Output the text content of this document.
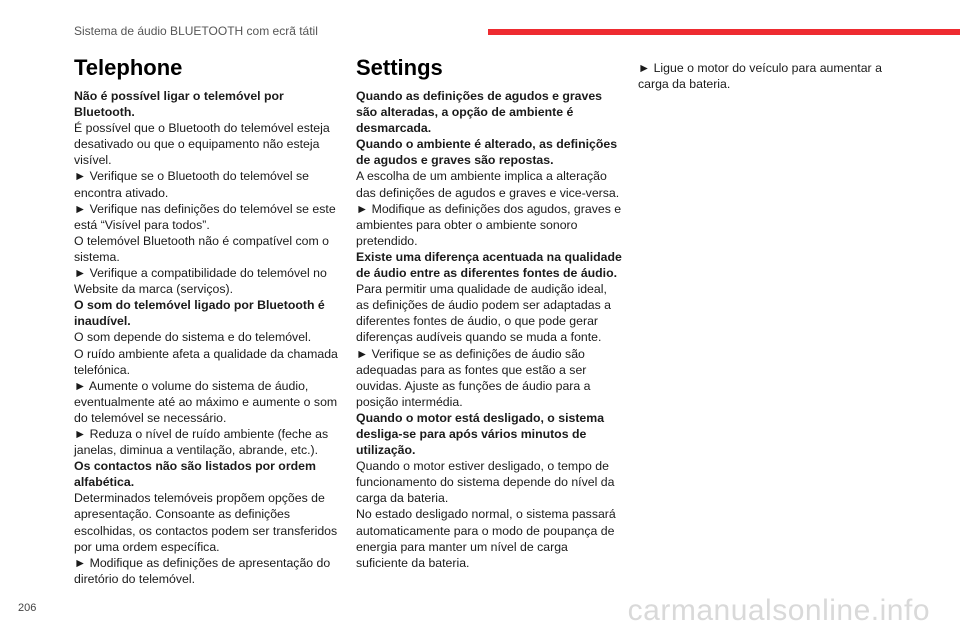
Sistema de áudio BLUETOOTH com ecrã tátil
Telephone

Não é possível ligar o telemóvel por Bluetooth.

É possível que o Bluetooth do telemóvel esteja desativado ou que o equipamento não esteja visível.

► Verifique se o Bluetooth do telemóvel se encontra ativado.

► Verifique nas definições do telemóvel se este está “Visível para todos”.

O telemóvel Bluetooth não é compatível com o sistema.

► Verifique a compatibilidade do telemóvel no Website da marca (serviços).

O som do telemóvel ligado por Bluetooth é inaudível.

O som depende do sistema e do telemóvel.

O ruído ambiente afeta a qualidade da chamada telefónica.

► Aumente o volume do sistema de áudio, eventualmente até ao máximo e aumente o som do telemóvel se necessário.

► Reduza o nível de ruído ambiente (feche as janelas, diminua a ventilação, abrande, etc.).

Os contactos não são listados por ordem alfabética.

Determinados telemóveis propõem opções de apresentação. Consoante as definições escolhidas, os contactos podem ser transferidos por uma ordem específica.

► Modifique as definições de apresentação do diretório do telemóvel.

Settings

Quando as definições de agudos e graves são alteradas, a opção de ambiente é desmarcada.

Quando o ambiente é alterado, as definições de agudos e graves são repostas.

A escolha de um ambiente implica a alteração das definições de agudos e graves e vice-versa.

► Modifique as definições dos agudos, graves e ambientes para obter o ambiente sonoro pretendido.

Existe uma diferença acentuada na qualidade de áudio entre as diferentes fontes de áudio.

Para permitir uma qualidade de audição ideal, as definições de áudio podem ser adaptadas a diferentes fontes de áudio, o que pode gerar diferenças audíveis quando se muda a fonte.

► Verifique se as definições de áudio são adequadas para as fontes que estão a ser ouvidas. Ajuste as funções de áudio para a posição intermédia.

Quando o motor está desligado, o sistema desliga-se para após vários minutos de utilização.

Quando o motor estiver desligado, o tempo de funcionamento do sistema depende do nível da carga da bateria.

No estado desligado normal, o sistema passará automaticamente para o modo de poupança de energia para manter um nível de carga suficiente da bateria.

► Ligue o motor do veículo para aumentar a carga da bateria.

206	carmanualsonline.info
